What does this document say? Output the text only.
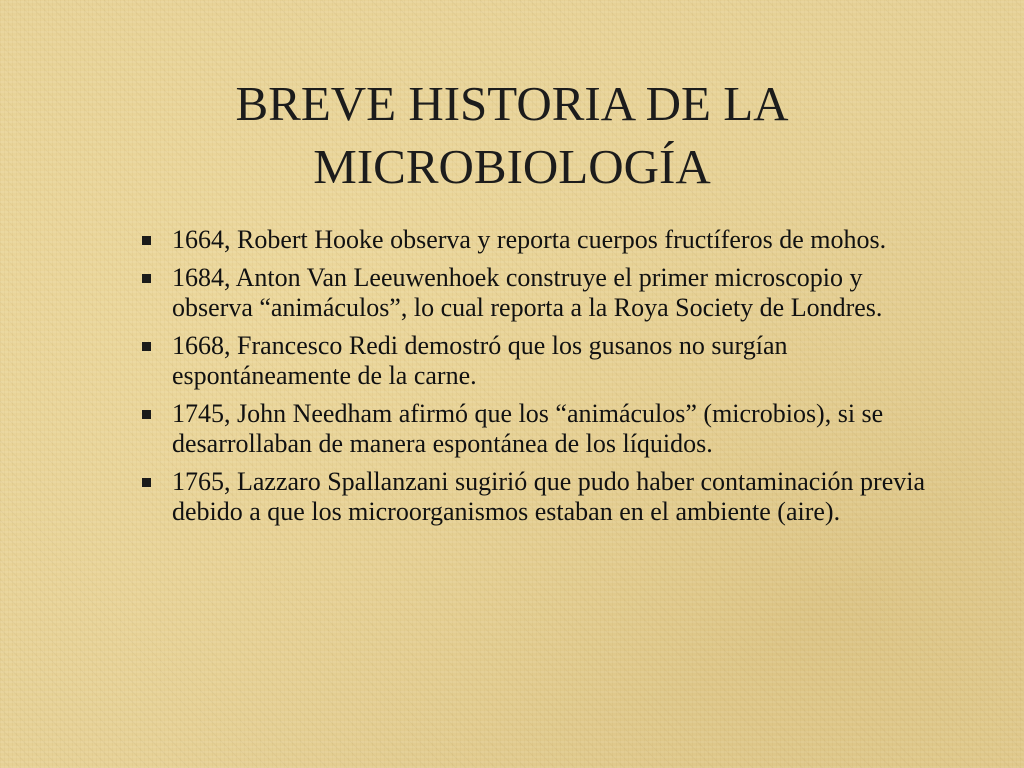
BREVE HISTORIA DE LA
MICROBIOLOGÍA
1664, Robert Hooke observa y reporta cuerpos fructíferos de mohos.
1684, Anton Van Leeuwenhoek construye el primer microscopio y observa “animáculos”, lo cual reporta a la Roya Society de Londres.
1668, Francesco Redi demostró que los gusanos no surgían espontáneamente de la carne.
1745, John Needham afirmó que los “animáculos” (microbios), si se desarrollaban de manera espontánea de los líquidos.
1765, Lazzaro Spallanzani sugirió que pudo haber contaminación previa debido a que los microorganismos estaban en el ambiente (aire).
